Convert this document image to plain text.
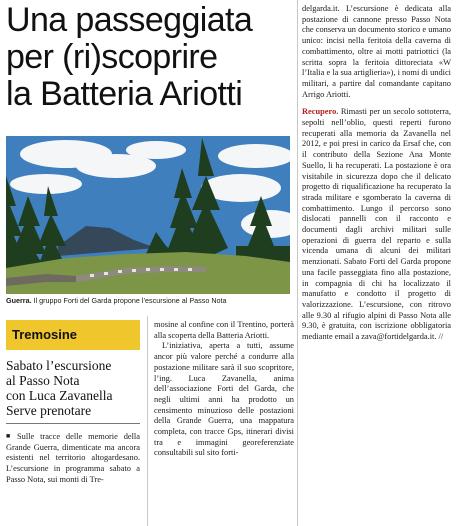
Una passeggiata
per (ri)scoprire
la Batteria Ariotti
Guerra. Il gruppo Forti del Garda propone l’escursione al Passo Nota
Tremosine
Sabato l’escursione
al Passo Nota
con Luca Zavanella
Serve prenotare

■ Sulle tracce delle memorie della Grande Guerra, dimenticate ma ancora esistenti nel territorio altogardesano. L’escursione in programma sabato a Passo Nota, sui monti di Tre-

mosine al confine con il Trentino, porterà alla scoperta della Batteria Ariotti.

L’iniziativa, aperta a tutti, assume ancor più valore perché a condurre alla postazione militare sarà il suo scopritore, l’ing. Luca Zavanella, anima dell’associazione Forti del Garda, che negli ultimi anni ha prodotto un censimento minuzioso delle postazioni della Grande Guerra, una mappatura completa, con tracce Gps, itinerari divisi tra e immagini georeferenziate consultabili sul sito forti-

delgarda.it. L’escursione è dedicata alla postazione di cannone presso Passo Nota che conserva un documento storico e umano unico: incisi nella feritoia della caverna di combattimento, oltre ai motti patriottici (la scritta sopra la feritoia dittoreciata «W l’Italia e la sua artiglieria»), i nomi di undici militari, a partire dal comandante capitano Arrigo Ariotti.

Recupero. Rimasti per un secolo sottoterra, sepolti nell’oblio, questi reperti furono recuperati alla memoria da Zavanella nel 2012, e poi presi in carico da Ersaf che, con il contributo della Sezione Ana Monte Suello, li ha recuperati. La postazione è ora visitabile in sicurezza dopo che il delicato progetto di riqualificazione ha recuperato la strada militare e sgomberato la caverna di combattimento. Lungo il percorso sono dislocati pannelli con il racconto e documenti dagli archivi militari sulle operazioni di guerra del reparto e sulla vicenda umana di alcuni dei militari menzionati. Sabato Forti del Garda propone una facile passeggiata fino alla postazione, in compagnia di chi ha localizzato il manufatto e condotto il progetto di valorizzazione. L’escursione, con ritrovo alle 9.30 al rifugio alpini di Passo Nota alle 9.30, è gratuita, con iscrizione obbligatoria mediante email a zava@fortidelgarda.it. //
